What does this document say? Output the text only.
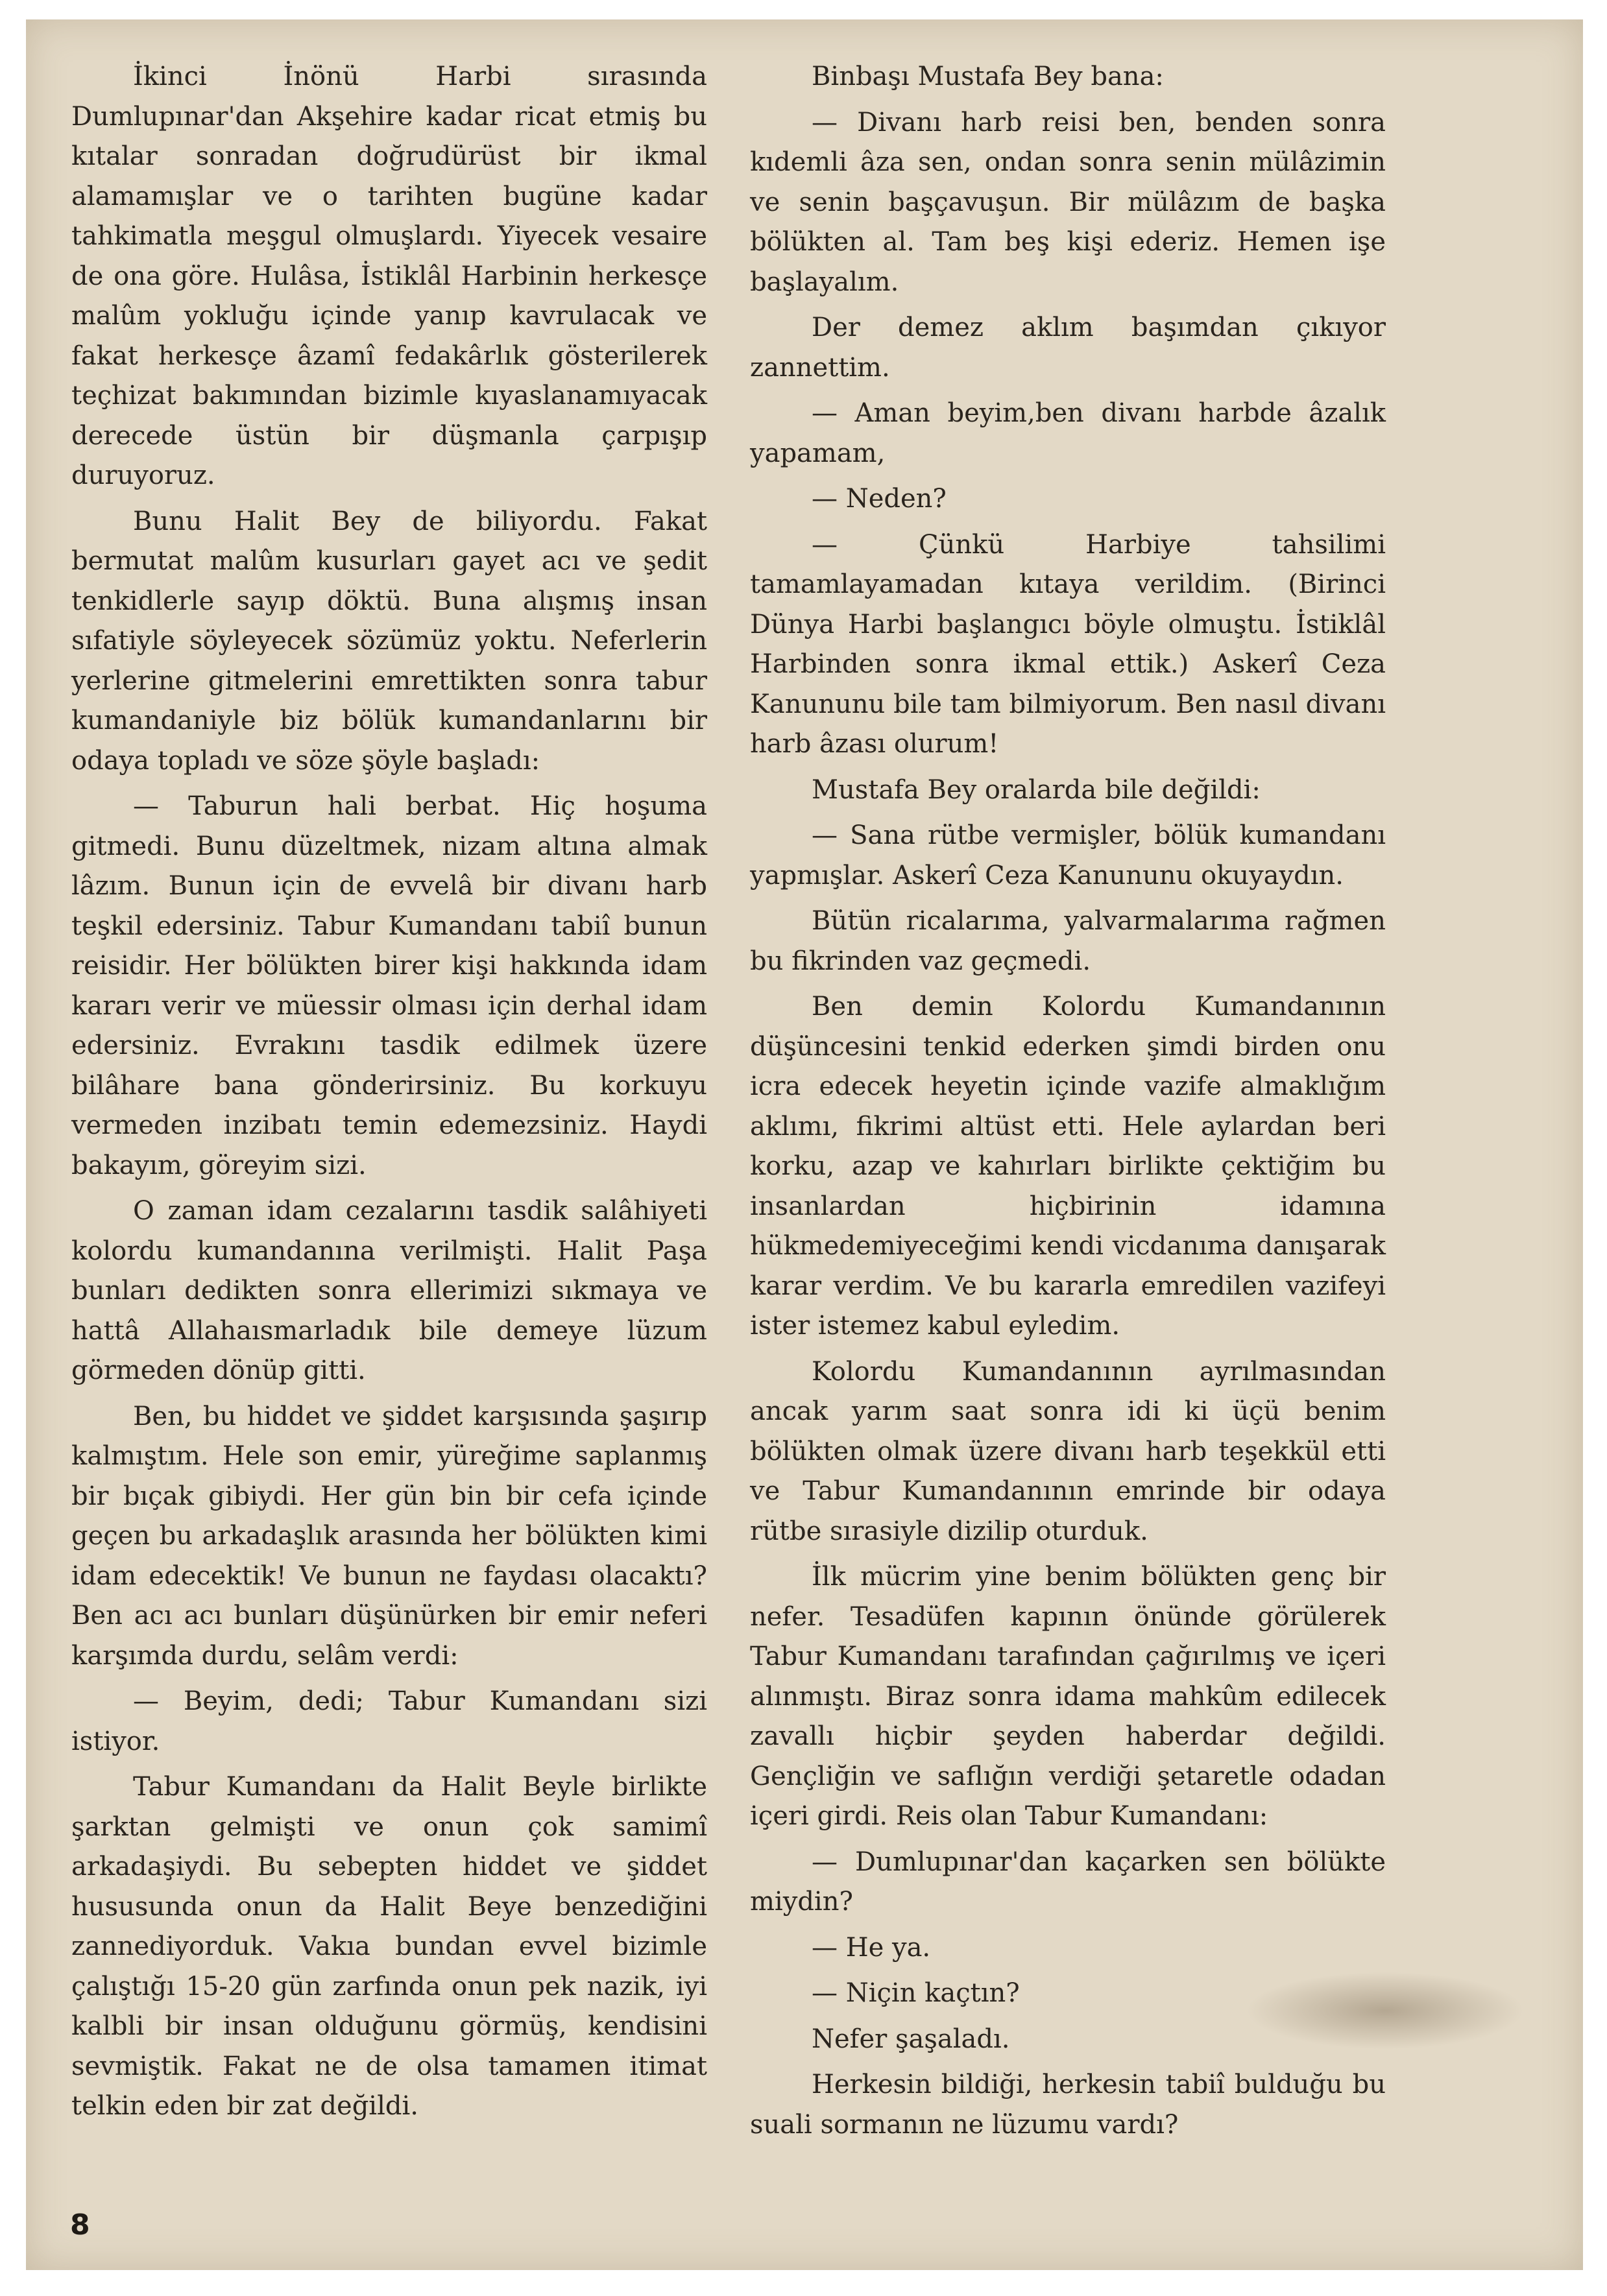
İkinci İnönü Harbi sırasında Dumlupınar'dan Akşehire kadar ricat etmiş bu kıtalar sonradan doğrudürüst bir ikmal alamamışlar ve o tarihten bugüne kadar tahkimatla meşgul olmuşlardı. Yiyecek vesaire de ona göre. Hulâsa, İstiklâl Harbinin herkesçe malûm yokluğu içinde yanıp kavrulacak ve fakat herkesçe âzamî fedakârlık gösterilerek teçhizat bakımından bizimle kıyaslanamıyacak derecede üstün bir düşmanla çarpışıp duruyoruz.

Bunu Halit Bey de biliyordu. Fakat bermutat malûm kusurları gayet acı ve şedit tenkidlerle sayıp döktü. Buna alışmış insan sıfatiyle söyleyecek sözümüz yoktu. Neferlerin yerlerine gitmelerini emrettikten sonra tabur kumandaniyle biz bölük kumandanlarını bir odaya topladı ve söze şöyle başladı:

— Taburun hali berbat. Hiç hoşuma gitmedi. Bunu düzeltmek, nizam altına almak lâzım. Bunun için de evvelâ bir divanı harb teşkil edersiniz. Tabur Kumandanı tabiî bunun reisidir. Her bölükten birer kişi hakkında idam kararı verir ve müessir olması için derhal idam edersiniz. Evrakını tasdik edilmek üzere bilâhare bana gönderirsiniz. Bu korkuyu vermeden inzibatı temin edemezsiniz. Haydi bakayım, göreyim sizi.

O zaman idam cezalarını tasdik salâhiyeti kolordu kumandanına verilmişti. Halit Paşa bunları dedikten sonra ellerimizi sıkmaya ve hattâ Allahaısmarladık bile demeye lüzum görmeden dönüp gitti.

Ben, bu hiddet ve şiddet karşısında şaşırıp kalmıştım. Hele son emir, yüreğime saplanmış bir bıçak gibiydi. Her gün bin bir cefa içinde geçen bu arkadaşlık arasında her bölükten kimi idam edecektik! Ve bunun ne faydası olacaktı? Ben acı acı bunları düşünürken bir emir neferi karşımda durdu, selâm verdi:

— Beyim, dedi; Tabur Kumandanı sizi istiyor.

Tabur Kumandanı da Halit Beyle birlikte şarktan gelmişti ve onun çok samimî arkadaşiydi. Bu sebepten hiddet ve şiddet hususunda onun da Halit Beye benzediğini zannediyorduk. Vakıa bundan evvel bizimle çalıştığı 15-20 gün zarfında onun pek nazik, iyi kalbli bir insan olduğunu görmüş, kendisini sevmiştik. Fakat ne de olsa tamamen itimat telkin eden bir zat değildi.

Binbaşı Mustafa Bey bana:

— Divanı harb reisi ben, benden sonra kıdemli âza sen, ondan sonra senin mülâzimin ve senin başçavuşun. Bir mülâzım de başka bölükten al. Tam beş kişi ederiz. Hemen işe başlayalım.

Der demez aklım başımdan çıkıyor zannettim.

— Aman beyim,ben divanı harbde âzalık yapamam,

— Neden?

— Çünkü Harbiye tahsilimi tamamlayamadan kıtaya verildim. (Birinci Dünya Harbi başlangıcı böyle olmuştu. İstiklâl Harbinden sonra ikmal ettik.) Askerî Ceza Kanununu bile tam bilmiyorum. Ben nasıl divanı harb âzası olurum!

Mustafa Bey oralarda bile değildi:

— Sana rütbe vermişler, bölük kumandanı yapmışlar. Askerî Ceza Kanununu okuyaydın.

Bütün ricalarıma, yalvarmalarıma rağmen bu fikrinden vaz geçmedi.

Ben demin Kolordu Kumandanının düşüncesini tenkid ederken şimdi birden onu icra edecek heyetin içinde vazife almaklığım aklımı, fikrimi altüst etti. Hele aylardan beri korku, azap ve kahırları birlikte çektiğim bu insanlardan hiçbirinin idamına hükmedemiyeceğimi kendi vicdanıma danışarak karar verdim. Ve bu kararla emredilen vazifeyi ister istemez kabul eyledim.

Kolordu Kumandanının ayrılmasından ancak yarım saat sonra idi ki üçü benim bölükten olmak üzere divanı harb teşekkül etti ve Tabur Kumandanının emrinde bir odaya rütbe sırasiyle dizilip oturduk.

İlk mücrim yine benim bölükten genç bir nefer. Tesadüfen kapının önünde görülerek Tabur Kumandanı tarafından çağırılmış ve içeri alınmıştı. Biraz sonra idama mahkûm edilecek zavallı hiçbir şeyden haberdar değildi. Gençliğin ve saflığın verdiği şetaretle odadan içeri girdi. Reis olan Tabur Kumandanı:

— Dumlupınar'dan kaçarken sen bölükte miydin?

— He ya.

— Niçin kaçtın?

Nefer şaşaladı.

Herkesin bildiği, herkesin tabiî bulduğu bu suali sormanın ne lüzumu vardı?

8
